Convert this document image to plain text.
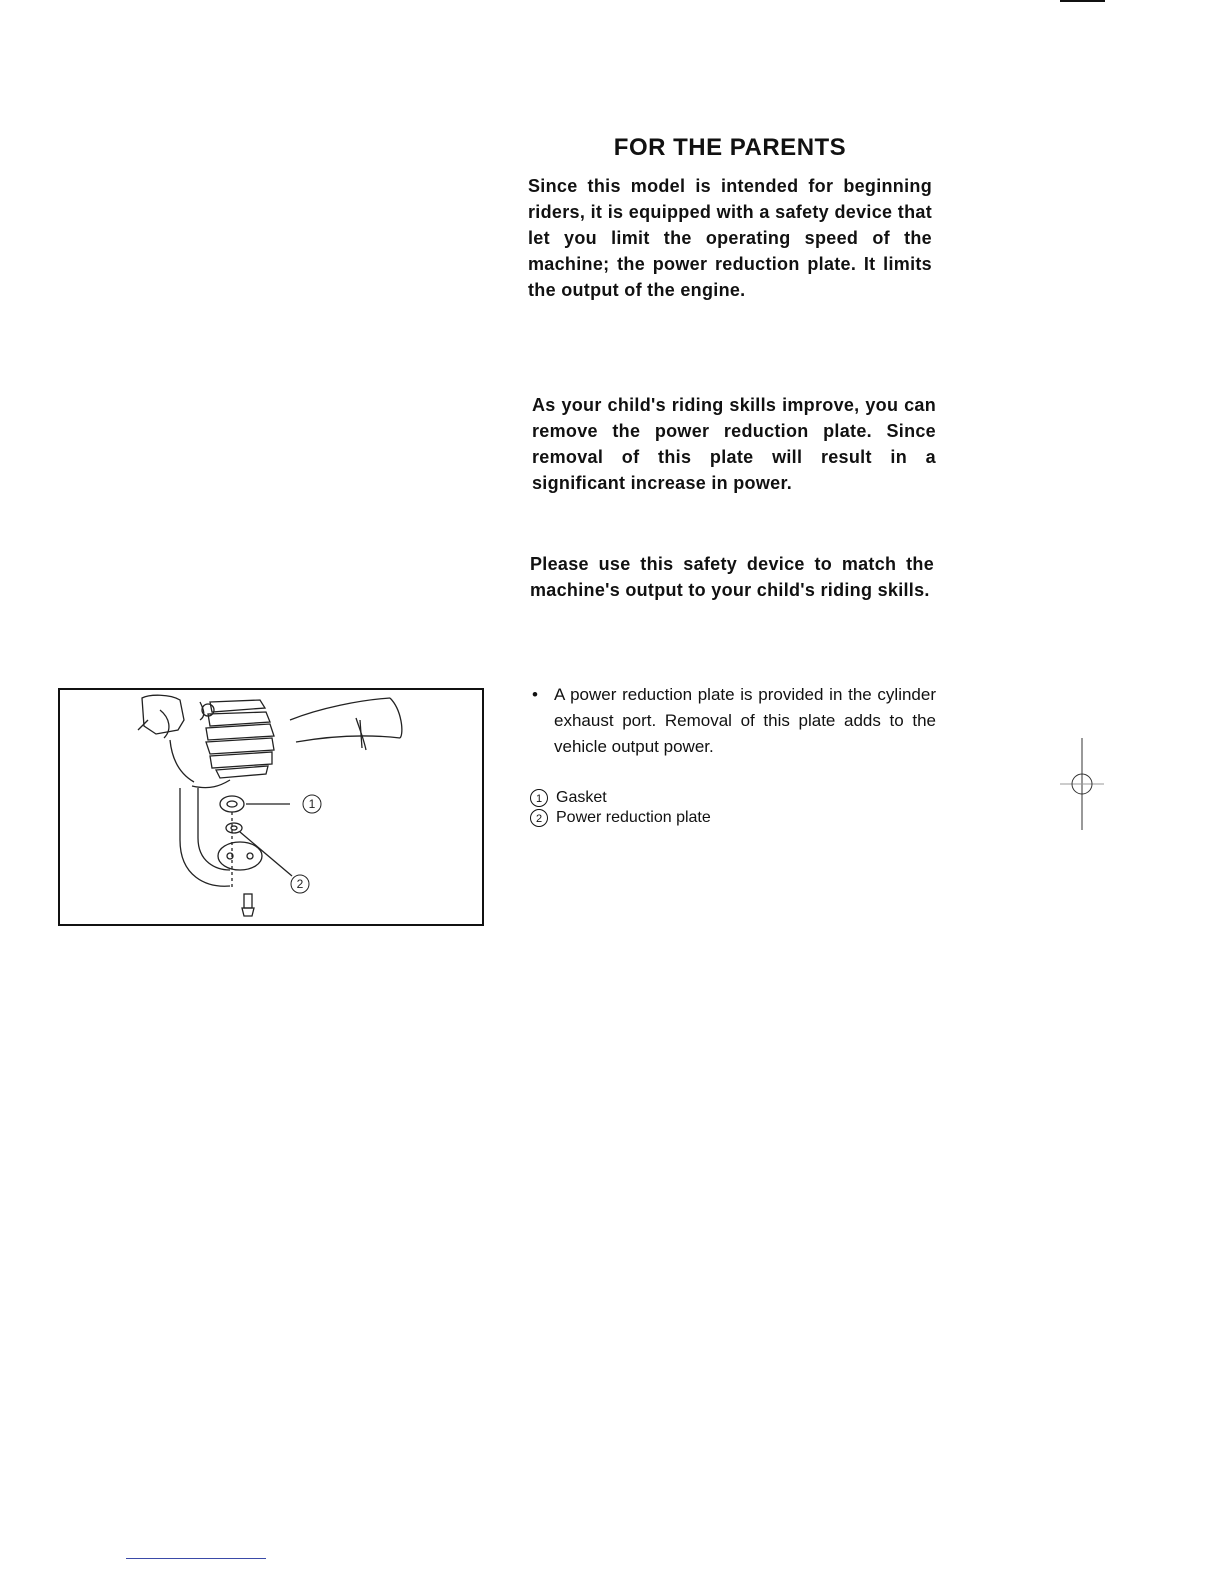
FOR THE PARENTS

Since this model is intended for beginning riders, it is equipped with a safety device that let you limit the operating speed of the machine; the power reduction plate. It limits the output of the engine.

As your child's riding skills improve, you can remove the power reduction plate. Since removal of this plate will result in a significant increase in power.

Please use this safety device to match the machine's output to your child's riding skills.

1
2
• A power reduction plate is provided in the cylinder exhaust port. Removal of this plate adds to the vehicle output power.
1 Gasket
2 Power reduction plate
